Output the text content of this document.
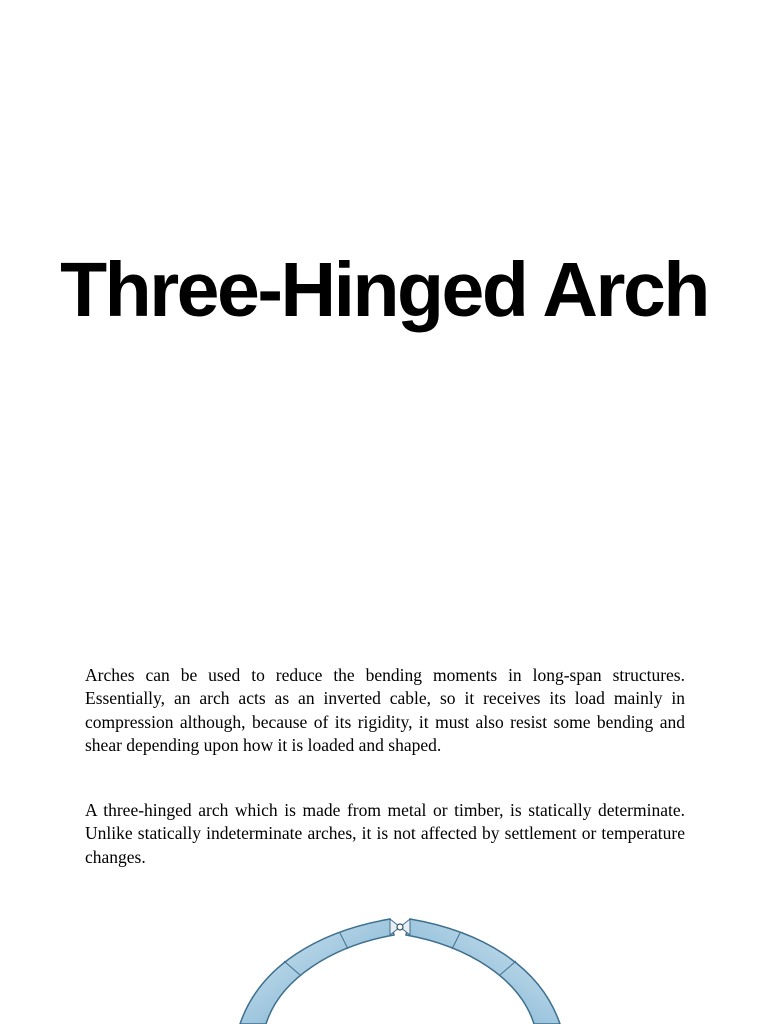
Three-Hinged Arch

Arches can be used to reduce the bending moments in long-span structures. Essentially, an arch acts as an inverted cable, so it receives its load mainly in compression although, because of its rigidity, it must also resist some bending and shear depending upon how it is loaded and shaped.

A three-hinged arch which is made from metal or timber, is statically determinate. Unlike statically indeterminate arches, it is not affected by settlement or temperature changes.
